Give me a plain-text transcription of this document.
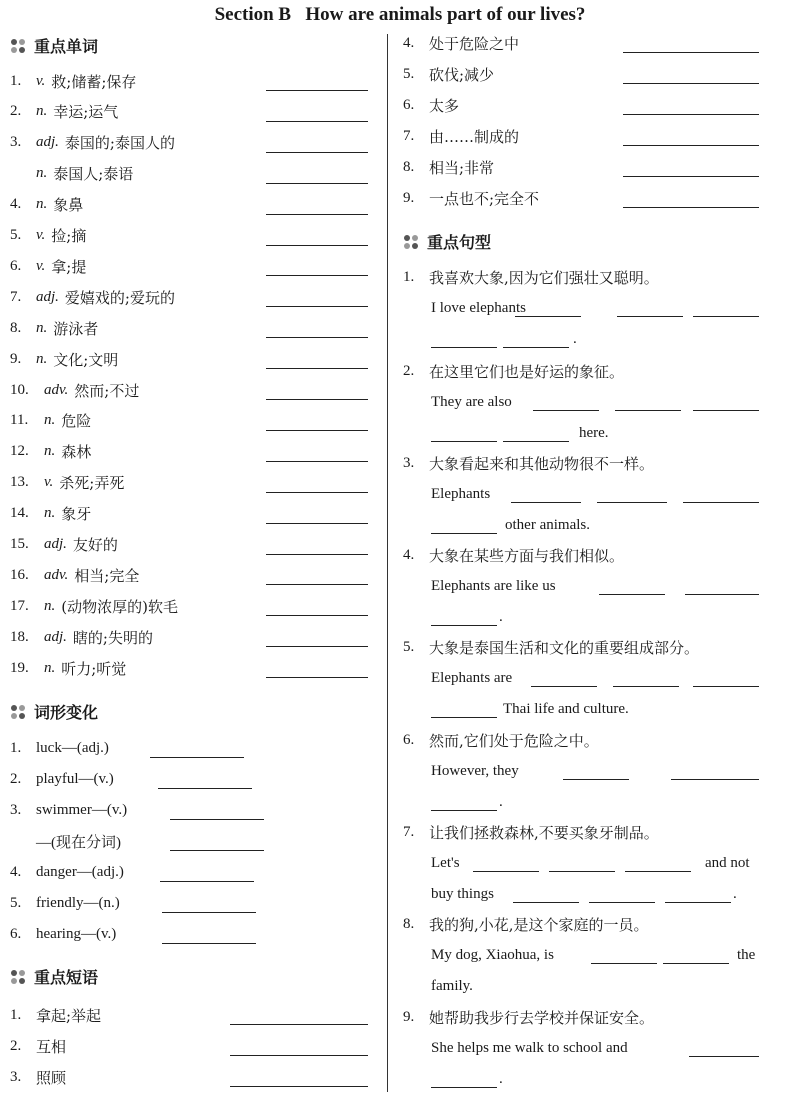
Section B   How are animals part of our lives?
重点单词
词形变化
重点短语
1. v. 救;储蓄;保存
2. n. 幸运;运气
3. adj. 泰国的;泰国人的
n. 泰国人;泰语
4. n. 象鼻
5. v. 捡;摘
6. v. 拿;提
7. adj. 爱嬉戏的;爱玩的
8. n. 游泳者
9. n. 文化;文明
10.	adv. 然而;不过
11.	n. 危险
12.	n. 森林
13.	v. 杀死;弄死
14.	n. 象牙
15.	adj. 友好的
16.	adv. 相当;完全
17.	n. (动物浓厚的)软毛
18.	adj. 瞎的;失明的
19.	n. 听力;听觉
1. luck—(adj.)
2. playful—(v.)
3. swimmer—(v.)
—(现在分词)
4. danger—(adj.)
5. friendly—(n.)
6. hearing—(v.)
1. 拿起;举起
2. 互相
3. 照顾
重点句型
4. 处于危险之中
5. 砍伐;减少
6. 太多
7. 由……制成的
8. 相当;非常
9. 一点也不;完全不
1. 我喜欢大象,因为它们强壮又聪明。
I love elephants
.
2. 在这里它们也是好运的象征。
They are also
here.
3. 大象看起来和其他动物很不一样。
Elephants
other animals.
4. 大象在某些方面与我们相似。
Elephants are like us
.
5. 大象是泰国生活和文化的重要组成部分。
Elephants are
Thai life and culture.
6. 然而,它们处于危险之中。
However, they
.
7. 让我们拯救森林,不要买象牙制品。
Let's	and not
buy things	.
8. 我的狗,小花,是这个家庭的一员。
My dog, Xiaohua, is	the
family.
9. 她帮助我步行去学校并保证安全。
She helps me walk to school and
.
